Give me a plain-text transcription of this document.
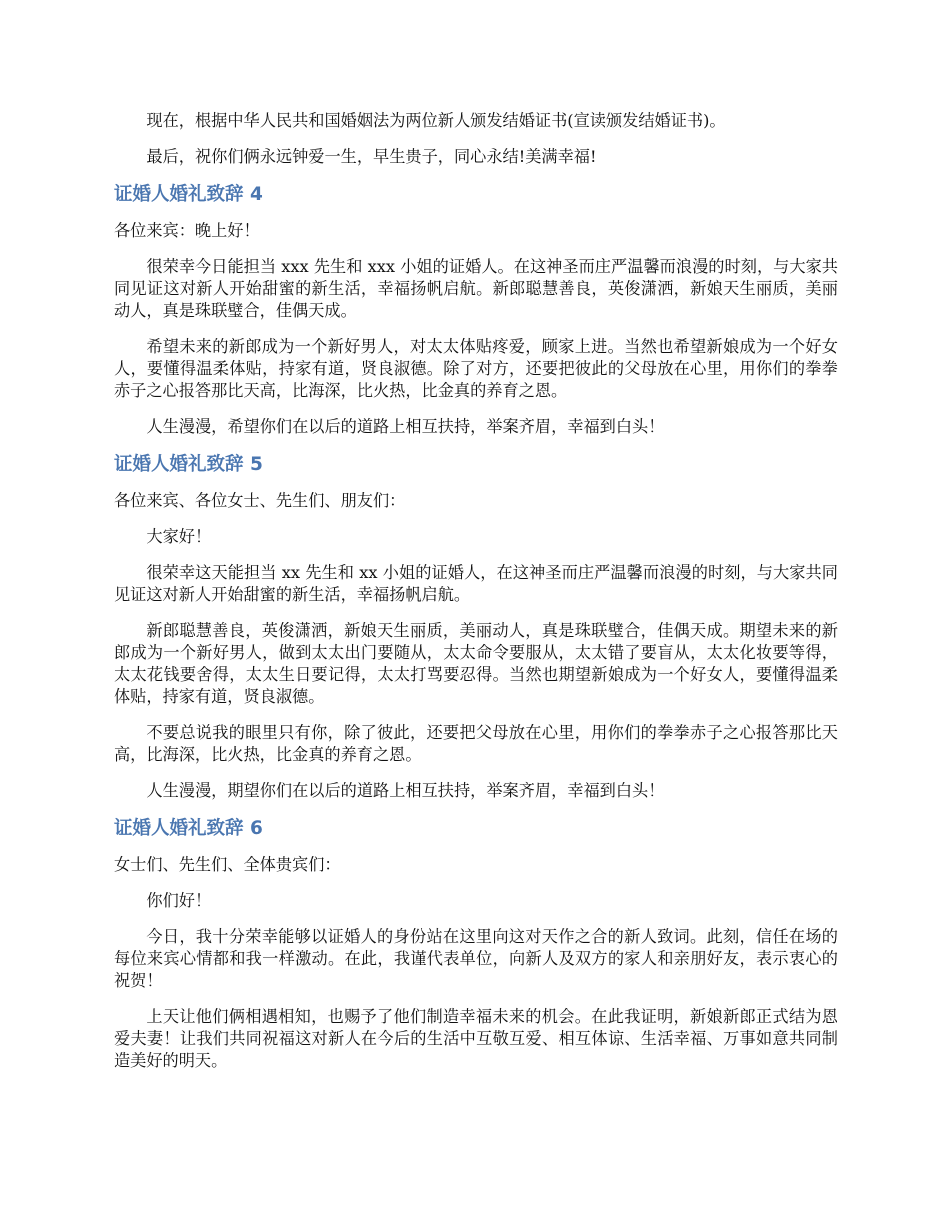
现在，根据中华人民共和国婚姻法为两位新人颁发结婚证书(宣读颁发结婚证书)。

最后，祝你们俩永远钟爱一生，早生贵子，同心永结!美满幸福!

证婚人婚礼致辞 4

各位来宾：晚上好！

很荣幸今日能担当 xxx 先生和 xxx 小姐的证婚人。在这神圣而庄严温馨而浪漫的时刻，与大家共同见证这对新人开始甜蜜的新生活，幸福扬帆启航。新郎聪慧善良，英俊潇洒，新娘天生丽质，美丽动人，真是珠联璧合，佳偶天成。

希望未来的新郎成为一个新好男人，对太太体贴疼爱，顾家上进。当然也希望新娘成为一个好女人，要懂得温柔体贴，持家有道，贤良淑德。除了对方，还要把彼此的父母放在心里，用你们的拳拳赤子之心报答那比天高，比海深，比火热，比金真的养育之恩。

人生漫漫，希望你们在以后的道路上相互扶持，举案齐眉，幸福到白头！

证婚人婚礼致辞 5

各位来宾、各位女士、先生们、朋友们：

大家好！

很荣幸这天能担当 xx 先生和 xx 小姐的证婚人，在这神圣而庄严温馨而浪漫的时刻，与大家共同见证这对新人开始甜蜜的新生活，幸福扬帆启航。

新郎聪慧善良，英俊潇洒，新娘天生丽质，美丽动人，真是珠联璧合，佳偶天成。期望未来的新郎成为一个新好男人，做到太太出门要随从，太太命令要服从，太太错了要盲从，太太化妆要等得，太太花钱要舍得，太太生日要记得，太太打骂要忍得。当然也期望新娘成为一个好女人，要懂得温柔体贴，持家有道，贤良淑德。

不要总说我的眼里只有你，除了彼此，还要把父母放在心里，用你们的拳拳赤子之心报答那比天高，比海深，比火热，比金真的养育之恩。

人生漫漫，期望你们在以后的道路上相互扶持，举案齐眉，幸福到白头！

证婚人婚礼致辞 6

女士们、先生们、全体贵宾们：

你们好！

今日，我十分荣幸能够以证婚人的身份站在这里向这对天作之合的新人致词。此刻，信任在场的每位来宾心情都和我一样激动。在此，我谨代表单位，向新人及双方的家人和亲朋好友，表示衷心的祝贺！

上天让他们俩相遇相知，也赐予了他们制造幸福未来的机会。在此我证明，新娘新郎正式结为恩爱夫妻！让我们共同祝福这对新人在今后的生活中互敬互爱、相互体谅、生活幸福、万事如意共同制造美好的明天。
